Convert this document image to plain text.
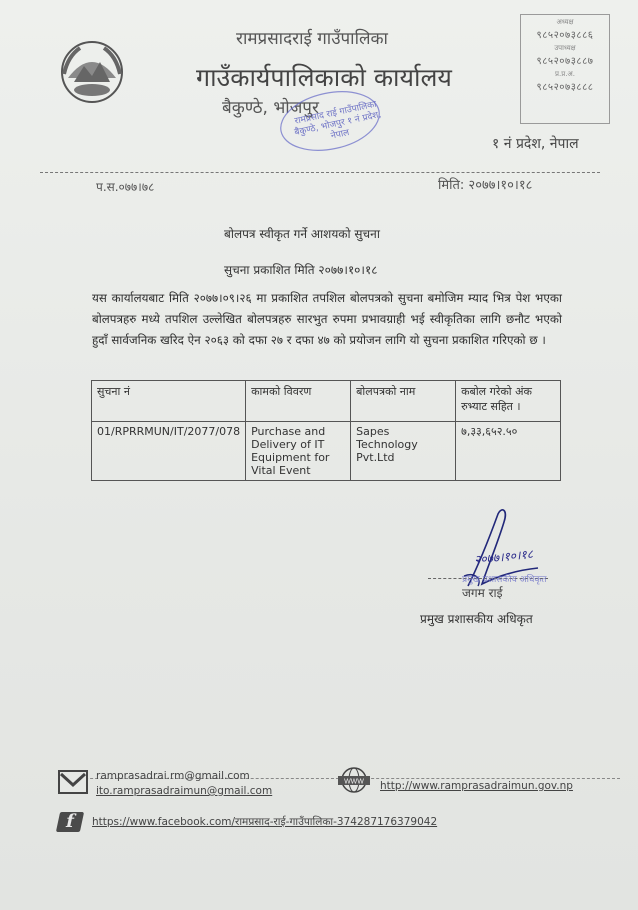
रामप्रसादराई गाउँपालिका
गाउँकार्यपालिकाको कार्यालय
बैकुण्ठे, भोजपुर
१ नं प्रदेश, नेपाल
रामप्रसाद राई गाउँपालिका बैकुण्ठे, भोजपुर १ नं प्रदेश, नेपाल
अध्यक्ष
९८५२०७३८८६
उपाध्यक्ष
९८५२०७३८८७
प्र.प्र.अ.
९८५२०७३८८८
प.स.०७७।७८	मिति: २०७७।१०।१८
बोलपत्र स्वीकृत गर्ने आशयको सुचना
सुचना प्रकाशित मिति २०७७।१०।१८
यस कार्यालयबाट मिति २०७७।०९।२६ मा प्रकाशित तपशिल बोलपत्रको सुचना बमोजिम म्याद भित्र पेश भएका बोलपत्रहरु मध्ये तपशिल उल्लेखित बोलपत्रहरु सारभुत रुपमा प्रभावग्राही भई स्वीकृतिका लागि छनौट भएको हुदाँ सार्वजनिक खरिद ऐन २०६३ को दफा २७ र दफा ४७ को प्रयोजन लागि यो सुचना प्रकाशित गरिएको छ ।
सुचना नं	कामको विवरण	बोलपत्रको नाम	कबोल गरेको अंक रुभ्याट सहित ।
01/RPRRMUN/IT/2077/078	Purchase and Delivery of IT Equipment for Vital Event	Sapes Technology Pvt.Ltd	७,३३,६५२.५०
२०७७।१०।१८
प्रमुख प्रशासकीय अधिकृत
जगम राई
प्रमुख प्रशासकीय अधिकृत
ramprasadrai.rm@gmail.com
ito.ramprasadraimun@gmail.com
WWW http://www.ramprasadraimun.gov.np
f	https://www.facebook.com/रामप्रसाद-राई-गाउँपालिका-374287176379042
